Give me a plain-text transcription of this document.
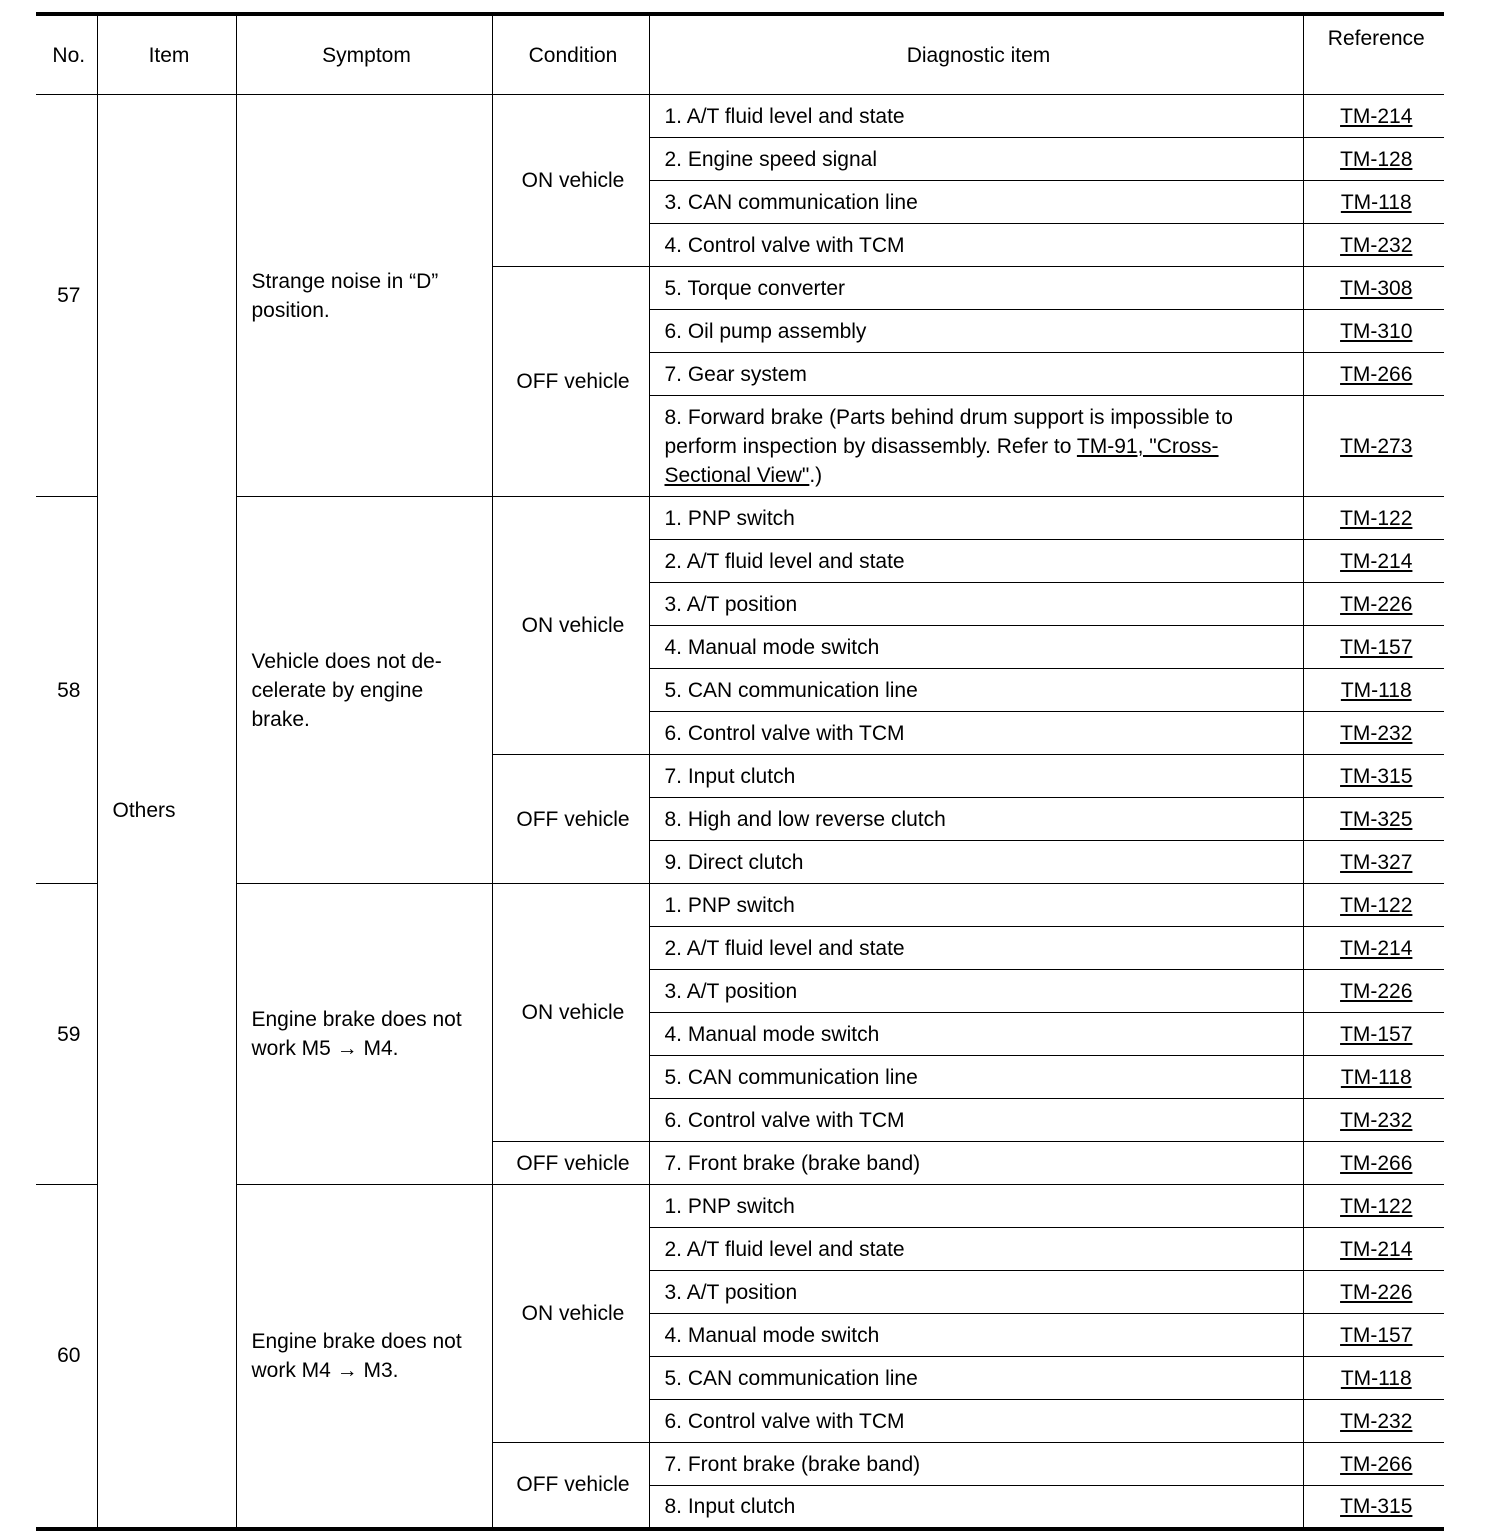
No.	Item	Symptom	Condition	Diagnostic item	Reference
57	Others	Strange noise in “D” position.	ON vehicle	1. A/T fluid level and state	TM-214
				2. Engine speed signal	TM-128
				3. CAN communication line	TM-118
				4. Control valve with TCM	TM-232
			OFF vehicle	5. Torque converter	TM-308
				6. Oil pump assembly	TM-310
				7. Gear system	TM-266
				8. Forward brake (Parts behind drum support is impossible to perform inspection by disassembly. Refer to TM-91, "Cross-Sectional View".)	TM-273
58		Vehicle does not de-celerate by engine brake.	ON vehicle	1. PNP switch	TM-122
				2. A/T fluid level and state	TM-214
				3. A/T position	TM-226
				4. Manual mode switch	TM-157
				5. CAN communication line	TM-118
				6. Control valve with TCM	TM-232
			OFF vehicle	7. Input clutch	TM-315
				8. High and low reverse clutch	TM-325
				9. Direct clutch	TM-327
59		Engine brake does not work M5 → M4.	ON vehicle	1. PNP switch	TM-122
				2. A/T fluid level and state	TM-214
				3. A/T position	TM-226
				4. Manual mode switch	TM-157
				5. CAN communication line	TM-118
				6. Control valve with TCM	TM-232
			OFF vehicle	7. Front brake (brake band)	TM-266
60		Engine brake does not work M4 → M3.	ON vehicle	1. PNP switch	TM-122
				2. A/T fluid level and state	TM-214
				3. A/T position	TM-226
				4. Manual mode switch	TM-157
				5. CAN communication line	TM-118
				6. Control valve with TCM	TM-232
			OFF vehicle	7. Front brake (brake band)	TM-266
				8. Input clutch	TM-315
